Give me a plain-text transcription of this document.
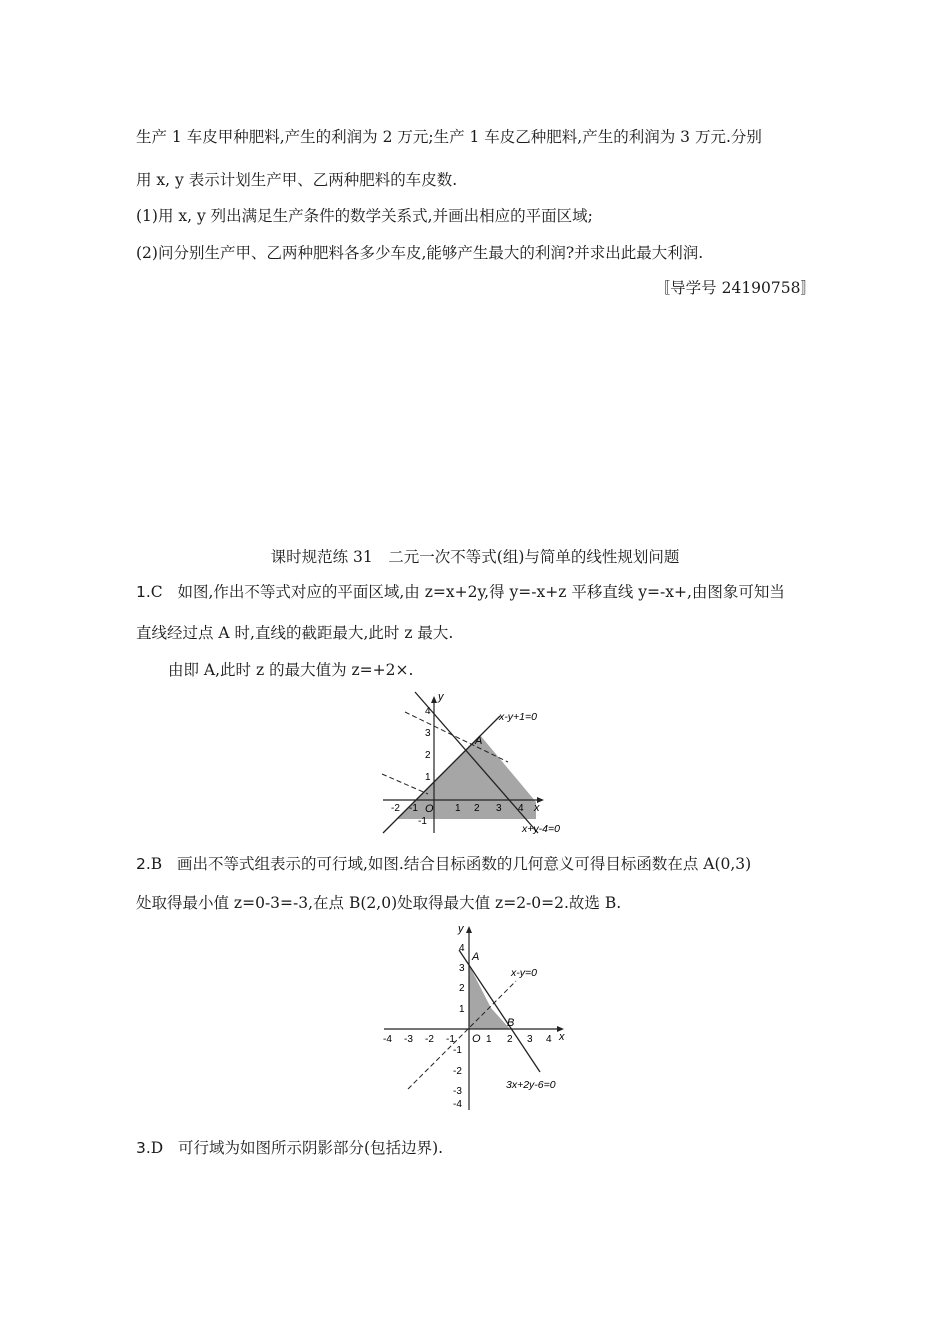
生产 1 车皮甲种肥料,产生的利润为 2 万元;生产 1 车皮乙种肥料,产生的利润为 3 万元.分别
用 x, y 表示计划生产甲、乙两种肥料的车皮数.
(1)用 x, y 列出满足生产条件的数学关系式,并画出相应的平面区域;
(2)问分别生产甲、乙两种肥料各多少车皮,能够产生最大的利润?并求出此最大利润.
〚导学号 24190758〛
课时规范练 31　二元一次不等式(组)与简单的线性规划问题
1.C 如图,作出不等式对应的平面区域,由 z=x+2y,得 y=-x+z 平移直线 y=-x+,由图象可知当
直线经过点 A 时,直线的截距最大,此时 z 最大.
由即 A,此时 z 的最大值为 z=+2×.
y
x
O
A
x-y+1=0
x+y-4=0
-2 -1	1 2 3 4
4
3
2
1
-1
2.B 画出不等式组表示的可行域,如图.结合目标函数的几何意义可得目标函数在点 A(0,3)
处取得最小值 z=0-3=-3,在点 B(2,0)处取得最大值 z=2-0=2.故选 B.
y
x
O
A
B
x-y=0
3x+2y-6=0
-4 -3 -2 -1	1 2 3 4
4
3
2
1
-1
-2
-3
-4
3.D 可行域为如图所示阴影部分(包括边界).
